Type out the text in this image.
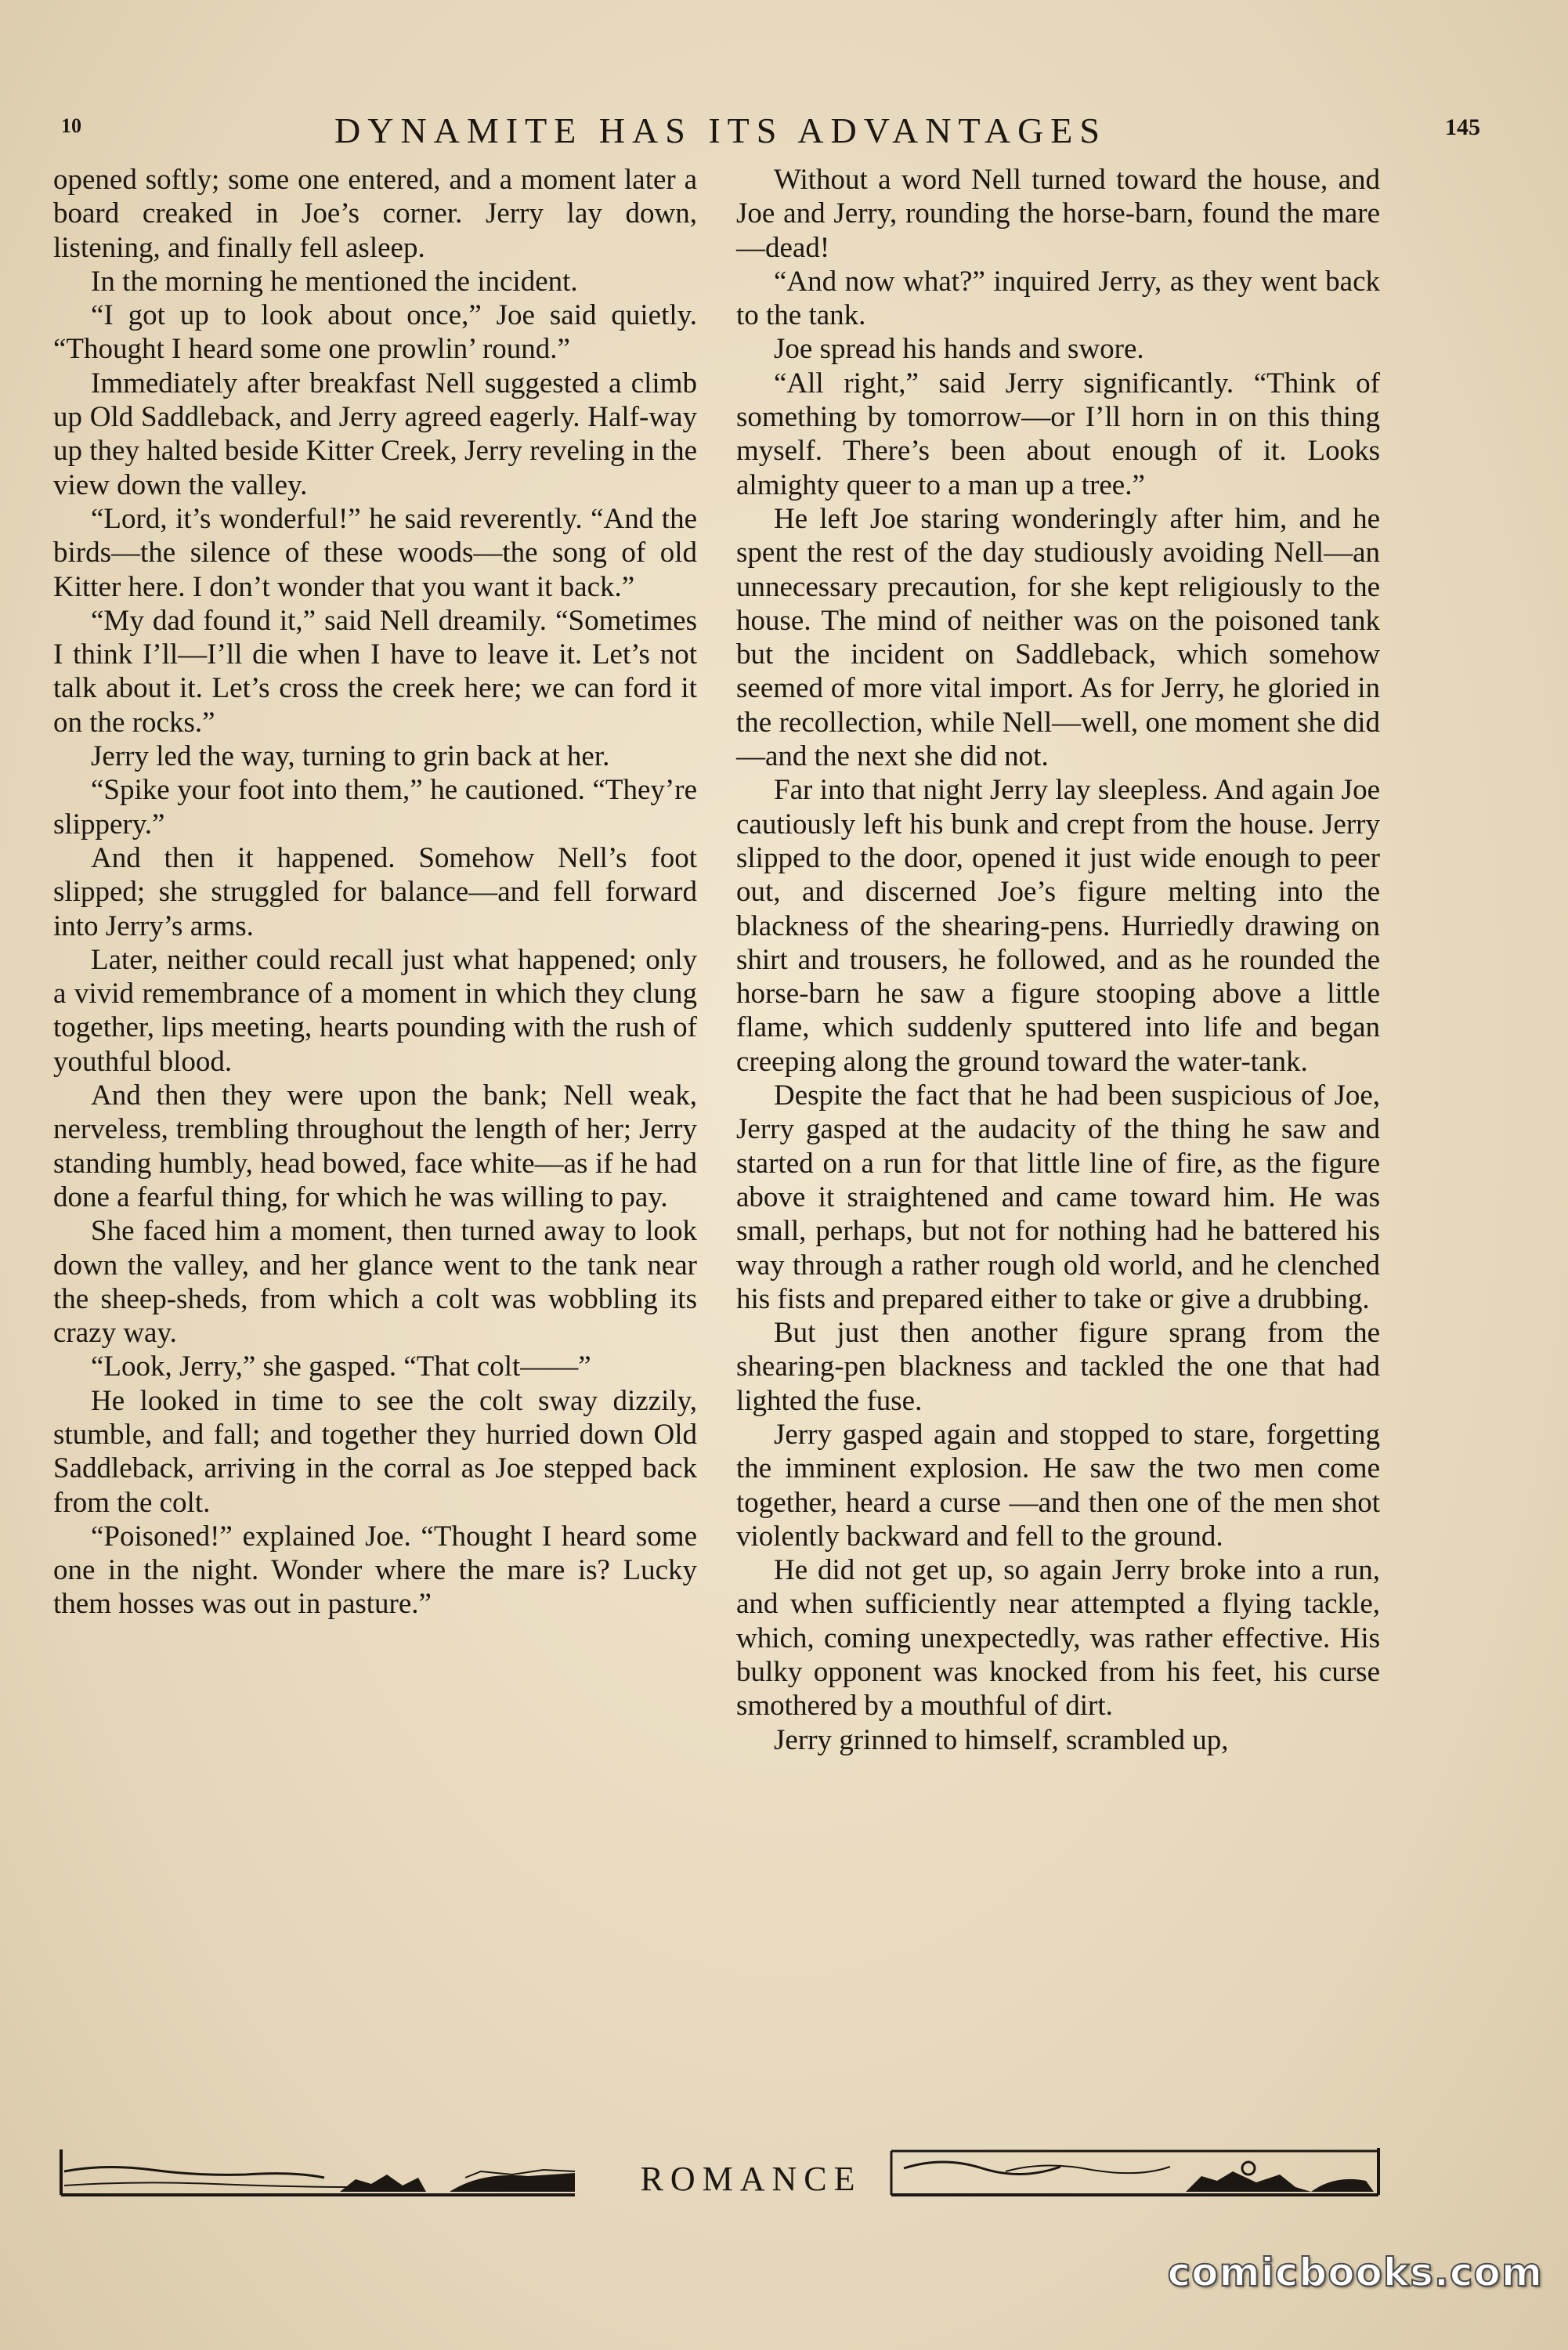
10	DYNAMITE HAS ITS ADVANTAGES	145

opened softly; some one entered, and a moment later a board creaked in Joe’s corner. Jerry lay down, listening, and finally fell asleep.

In the morning he mentioned the incident.

“I got up to look about once,” Joe said quietly. “Thought I heard some one prowlin’ round.”

Immediately after breakfast Nell suggested a climb up Old Saddleback, and Jerry agreed eagerly. Half-way up they halted beside Kitter Creek, Jerry reveling in the view down the valley.

“Lord, it’s wonderful!” he said reverently. “And the birds—the silence of these woods—the song of old Kitter here. I don’t wonder that you want it back.”

“My dad found it,” said Nell dreamily. “Sometimes I think I’ll—I’ll die when I have to leave it. Let’s not talk about it. Let’s cross the creek here; we can ford it on the rocks.”

Jerry led the way, turning to grin back at her.

“Spike your foot into them,” he cautioned. “They’re slippery.”

And then it happened. Somehow Nell’s foot slipped; she struggled for balance—and fell forward into Jerry’s arms.

Later, neither could recall just what happened; only a vivid remembrance of a moment in which they clung together, lips meeting, hearts pounding with the rush of youthful blood.

And then they were upon the bank; Nell weak, nerveless, trembling throughout the length of her; Jerry standing humbly, head bowed, face white—as if he had done a fearful thing, for which he was willing to pay.

She faced him a moment, then turned away to look down the valley, and her glance went to the tank near the sheep-sheds, from which a colt was wobbling its crazy way.

“Look, Jerry,” she gasped. “That colt——”

He looked in time to see the colt sway dizzily, stumble, and fall; and together they hurried down Old Saddleback, arriving in the corral as Joe stepped back from the colt.

“Poisoned!” explained Joe. “Thought I heard some one in the night. Wonder where the mare is? Lucky them hosses was out in pasture.”

Without a word Nell turned toward the house, and Joe and Jerry, rounding the horse-barn, found the mare—dead!

“And now what?” inquired Jerry, as they went back to the tank.

Joe spread his hands and swore.

“All right,” said Jerry significantly. “Think of something by tomorrow—or I’ll horn in on this thing myself. There’s been about enough of it. Looks almighty queer to a man up a tree.”

He left Joe staring wonderingly after him, and he spent the rest of the day studiously avoiding Nell—an unnecessary precaution, for she kept religiously to the house. The mind of neither was on the poisoned tank but the incident on Saddleback, which somehow seemed of more vital import. As for Jerry, he gloried in the recollection, while Nell—well, one moment she did—and the next she did not.

Far into that night Jerry lay sleepless. And again Joe cautiously left his bunk and crept from the house. Jerry slipped to the door, opened it just wide enough to peer out, and discerned Joe’s figure melting into the blackness of the shearing-pens. Hurriedly drawing on shirt and trousers, he followed, and as he rounded the horse-barn he saw a figure stooping above a little flame, which suddenly sputtered into life and began creeping along the ground toward the water-tank.

Despite the fact that he had been suspicious of Joe, Jerry gasped at the audacity of the thing he saw and started on a run for that little line of fire, as the figure above it straightened and came toward him. He was small, perhaps, but not for nothing had he battered his way through a rather rough old world, and he clenched his fists and prepared either to take or give a drubbing.

But just then another figure sprang from the shearing-pen blackness and tackled the one that had lighted the fuse.

Jerry gasped again and stopped to stare, forgetting the imminent explosion. He saw the two men come together, heard a curse —and then one of the men shot violently backward and fell to the ground.

He did not get up, so again Jerry broke into a run, and when sufficiently near attempted a flying tackle, which, coming unexpectedly, was rather effective. His bulky opponent was knocked from his feet, his curse smothered by a mouthful of dirt.

Jerry grinned to himself, scrambled up,

ROMANCE
comicbooks.com
